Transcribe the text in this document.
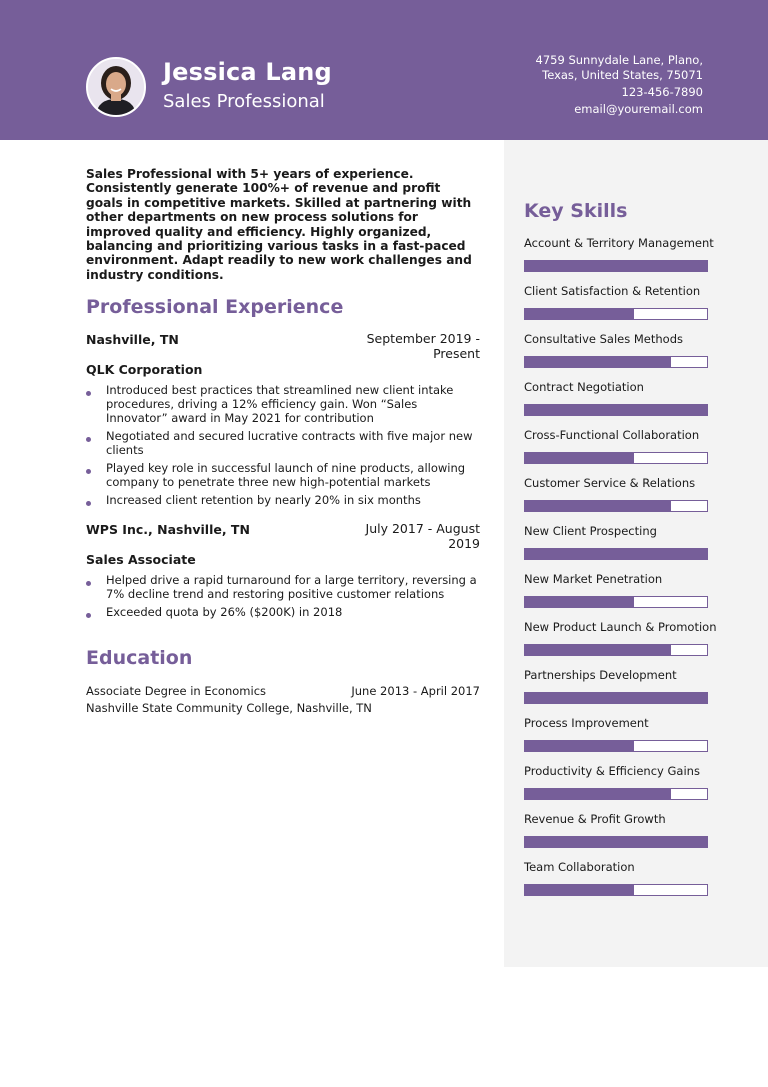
Jessica Lang
Sales Professional
4759 Sunnydale Lane, Plano,
Texas, United States, 75071
123-456-7890
email@youremail.com
Sales Professional with 5+ years of experience. Consistently generate 100%+ of revenue and profit goals in competitive markets. Skilled at partnering with other departments on new process solutions for improved quality and efficiency. Highly organized, balancing and prioritizing various tasks in a fast-paced environment. Adapt readily to new work challenges and industry conditions.
Professional Experience
Nashville, TN	September 2019 - Present
QLK Corporation
Introduced best practices that streamlined new client intake procedures, driving a 12% efficiency gain. Won “Sales Innovator” award in May 2021 for contribution
Negotiated and secured lucrative contracts with five major new clients
Played key role in successful launch of nine products, allowing company to penetrate three new high-potential markets
Increased client retention by nearly 20% in six months
WPS Inc., Nashville, TN	July 2017 - August 2019
Sales Associate
Helped drive a rapid turnaround for a large territory, reversing a 7% decline trend and restoring positive customer relations
Exceeded quota by 26% ($200K) in 2018
Education
Associate Degree in Economics	June 2013 - April 2017
Nashville State Community College, Nashville, TN
Key Skills
Account & Territory Management
Client Satisfaction & Retention
Consultative Sales Methods
Contract Negotiation
Cross-Functional Collaboration
Customer Service & Relations
New Client Prospecting
New Market Penetration
New Product Launch & Promotion
Partnerships Development
Process Improvement
Productivity & Efficiency Gains
Revenue & Profit Growth
Team Collaboration
